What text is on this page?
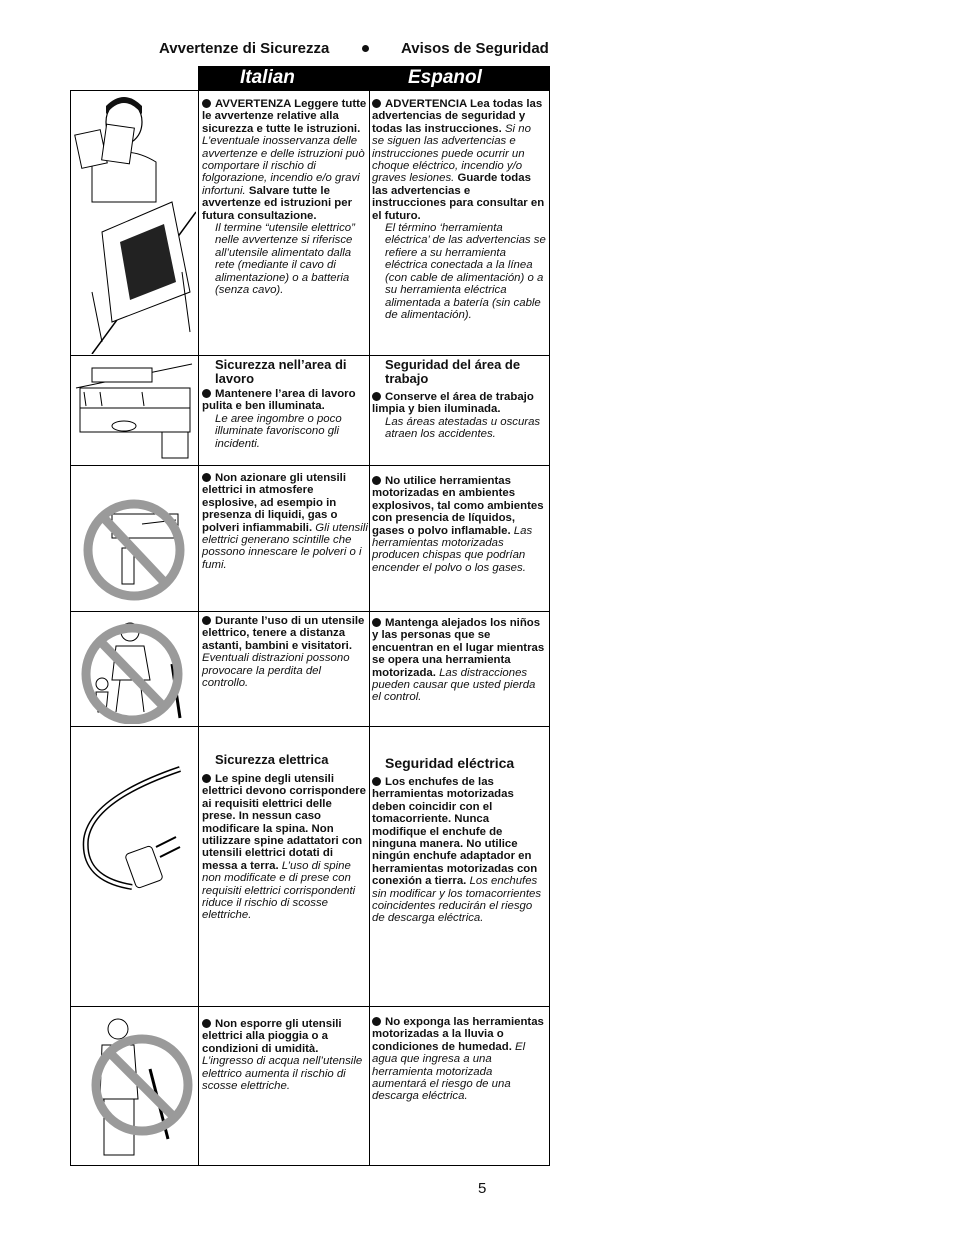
Avvertenze di Sicurezza	Avisos de Seguridad
Italian	Espanol
AVVERTENZA Leggere tutte le avvertenze relative alla sicurezza e tutte le istruzioni. L’eventuale inosservanza delle avvertenze e delle istruzioni può comportare il rischio di folgorazione, incendio e/o gravi infortuni. Salvare tutte le avvertenze ed istruzioni per futura consultazione.
Il termine “utensile elettrico” nelle avvertenze si riferisce all’utensile alimentato dalla rete (mediante il cavo di alimentazione) o a batteria (senza cavo).
ADVERTENCIA Lea todas las advertencias de seguridad y todas las instrucciones. Si no se siguen las advertencias e instrucciones puede ocurrir un choque eléctrico, incendio y/o graves lesiones. Guarde todas las advertencias e instrucciones para consultar en el futuro.
El término ‘herramienta eléctrica’ de las advertencias se refiere a su herramienta eléctrica conectada a la línea (con cable de alimentación) o a su herramienta eléctrica alimentada a batería (sin cable de alimentación).
Sicurezza nell’area di lavoro
Mantenere l’area di lavoro pulita e ben illuminata.
Le aree ingombre o poco illuminate favoriscono gli incidenti.
Seguridad del área de trabajo
Conserve el área de trabajo limpia y bien iluminada.
Las áreas atestadas u oscuras atraen los accidentes.
Non azionare gli utensili elettrici in atmosfere esplosive, ad esempio in presenza di liquidi, gas o polveri infiammabili. Gli utensili elettrici generano scintille che possono innescare le polveri o i fumi.
No utilice herramientas motorizadas en ambientes explosivos, tal como ambientes con presencia de líquidos, gases o polvo inflamable. Las herramientas motorizadas producen chispas que podrían encender el polvo o los gases.
Durante l’uso di un utensile elettrico, tenere a distanza astanti, bambini e visitatori. Eventuali distrazioni possono provocare la perdita del controllo.
Mantenga alejados los niños y las personas que se encuentran en el lugar mientras se opera una herramienta motorizada. Las distracciones pueden causar que usted pierda el control.
Sicurezza elettrica
Le spine degli utensili elettrici devono corrispondere ai requisiti elettrici delle prese. In nessun caso modificare la spina. Non utilizzare spine adattatori con utensili elettrici dotati di messa a terra. L’uso di spine non modificate e di prese con requisiti elettrici corrispondenti riduce il rischio di scosse elettriche.
Seguridad eléctrica
Los enchufes de las herramientas motorizadas deben coincidir con el tomacorriente. Nunca modifique el enchufe de ninguna manera. No utilice ningún enchufe adaptador en herramientas motorizadas con conexión a tierra. Los enchufes sin modificar y los tomacorrientes coincidentes reducirán el riesgo de descarga eléctrica.
Non esporre gli utensili elettrici alla pioggia o a condizioni di umidità. L’ingresso di acqua nell’utensile elettrico aumenta il rischio di scosse elettriche.
No exponga las herramientas motorizadas a la lluvia o condiciones de humedad. El agua que ingresa a una herramienta motorizada aumentará el riesgo de una descarga eléctrica.
5
